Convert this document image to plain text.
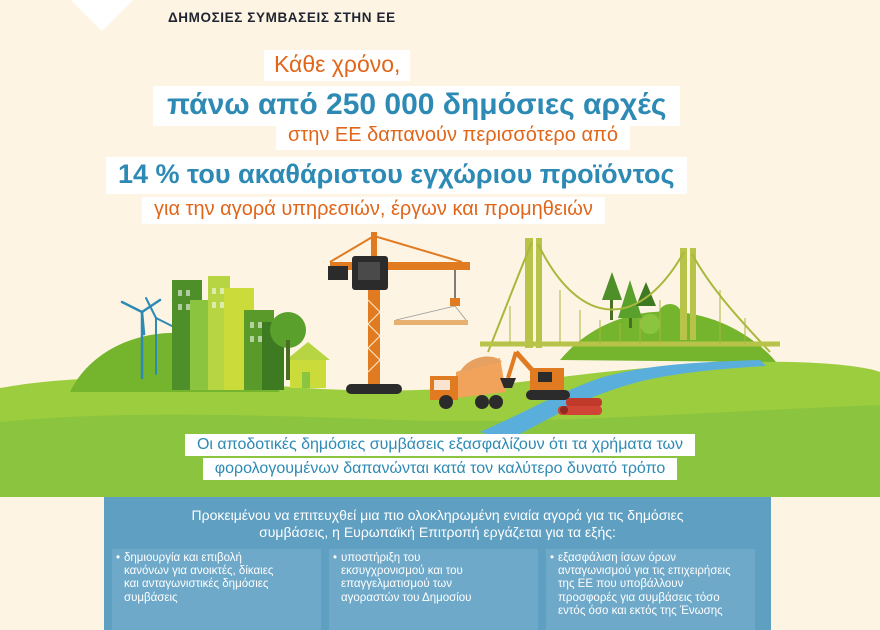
ΔΗΜΟΣΙΕΣ ΣΥΜΒΑΣΕΙΣ ΣΤΗΝ ΕΕ
Κάθε χρόνο,
πάνω από 250 000 δημόσιες αρχές
στην ΕΕ δαπανούν περισσότερο από
14 % του ακαθάριστου εγχώριου προϊόντος
για την αγορά υπηρεσιών, έργων και προμηθειών
Οι αποδοτικές δημόσιες συμβάσεις εξασφαλίζουν ότι τα χρήματα των
φορολογουμένων δαπανώνται κατά τον καλύτερο δυνατό τρόπο
Προκειμένου να επιτευχθεί μια πιο ολοκληρωμένη ενιαία αγορά για τις δημόσιες
συμβάσεις, η Ευρωπαϊκή Επιτροπή εργάζεται για τα εξής:
• δημιουργία και επιβολή
κανόνων για ανοικτές, δίκαιες
και ανταγωνιστικές δημόσιες
συμβάσεις
• υποστήριξη του
εκσυγχρονισμού και του
επαγγελματισμού των
αγοραστών του Δημοσίου
• εξασφάλιση ίσων όρων
ανταγωνισμού για τις επιχειρήσεις
της ΕΕ που υποβάλλουν
προσφορές για συμβάσεις τόσο
εντός όσο και εκτός της Ένωσης
